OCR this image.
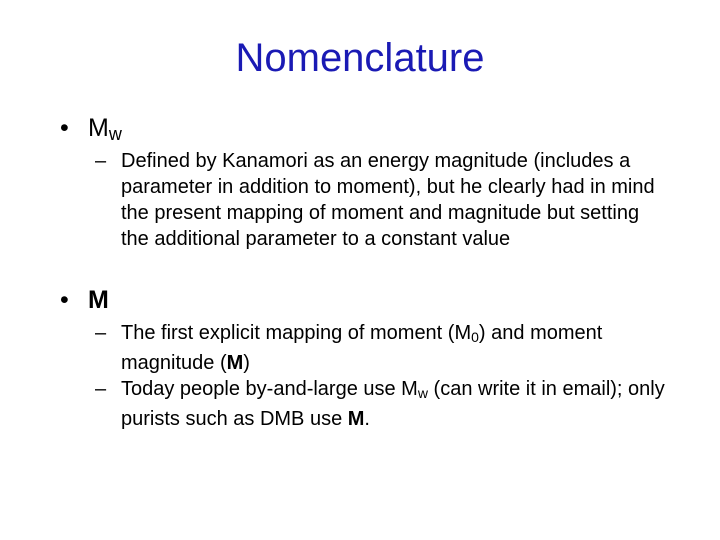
Nomenclature
• $M_w$
– Defined by Kanamori as an energy magnitude (includes a parameter in addition to moment), but he clearly had in mind the present mapping of moment and magnitude but setting the additional parameter to a constant value
• M
– The first explicit mapping of moment (M0) and moment magnitude (M)
– Today people by-and-large use Mw (can write it in email); only purists such as DMB use M.
